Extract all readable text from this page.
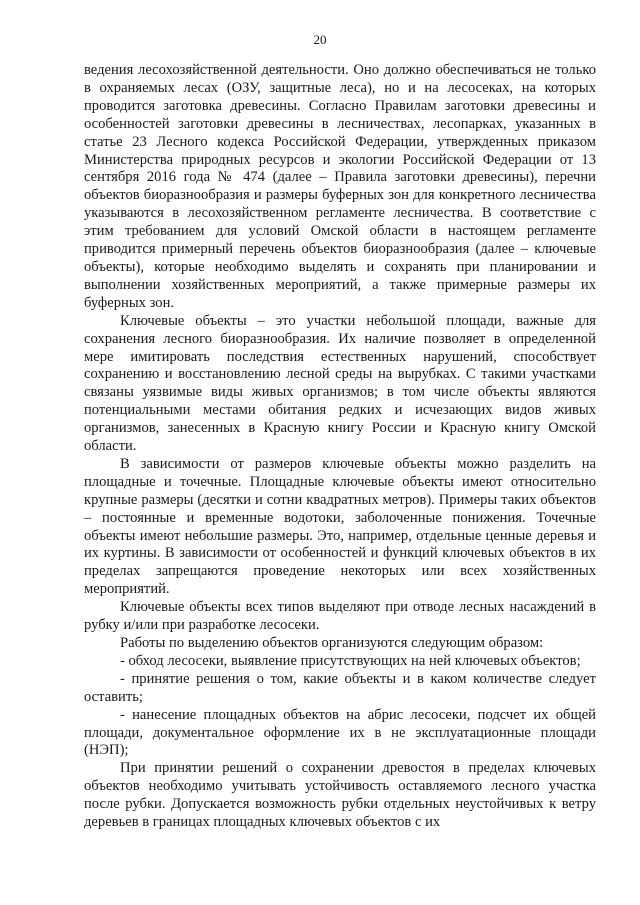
20

ведения лесохозяйственной деятельности. Оно должно обеспечиваться не только в охраняемых лесах (ОЗУ, защитные леса), но и на лесосеках, на которых проводится заготовка древесины. Согласно Правилам заготовки древесины и особенностей заготовки древесины в лесничествах, лесопарках, указанных в статье 23 Лесного кодекса Российской Федерации, утвержденных приказом Министерства природных ресурсов и экологии Российской Федерации от 13 сентября 2016 года № 474 (далее – Правила заготовки древесины), перечни объектов биоразнообразия и размеры буферных зон для конкретного лесничества указываются в лесохозяйственном регламенте лесничества. В соответствие с этим требованием для условий Омской области в настоящем регламенте приводится примерный перечень объектов биоразнообразия (далее – ключевые объекты), которые необходимо выделять и сохранять при планировании и выполнении хозяйственных мероприятий, а также примерные размеры их буферных зон.

Ключевые объекты – это участки небольшой площади, важные для сохранения лесного биоразнообразия. Их наличие позволяет в определенной мере имитировать последствия естественных нарушений, способствует сохранению и восстановлению лесной среды на вырубках. С такими участками связаны уязвимые виды живых организмов; в том числе объекты являются потенциальными местами обитания редких и исчезающих видов живых организмов, занесенных в Красную книгу России и Красную книгу Омской области.

В зависимости от размеров ключевые объекты можно разделить на площадные и точечные. Площадные ключевые объекты имеют относительно крупные размеры (десятки и сотни квадратных метров). Примеры таких объектов – постоянные и временные водотоки, заболоченные понижения. Точечные объекты имеют небольшие размеры. Это, например, отдельные ценные деревья и их куртины. В зависимости от особенностей и функций ключевых объектов в их пределах запрещаются проведение некоторых или всех хозяйственных мероприятий.

Ключевые объекты всех типов выделяют при отводе лесных насаждений в рубку и/или при разработке лесосеки.

Работы по выделению объектов организуются следующим образом:

- обход лесосеки, выявление присутствующих на ней ключевых объектов;

- принятие решения о том, какие объекты и в каком количестве следует оставить;

- нанесение площадных объектов на абрис лесосеки, подсчет их общей площади, документальное оформление их в не эксплуатационные площади (НЭП);

При принятии решений о сохранении древостоя в пределах ключевых объектов необходимо учитывать устойчивость оставляемого лесного участка после рубки. Допускается возможность рубки отдельных неустойчивых к ветру деревьев в границах площадных ключевых объектов с их
